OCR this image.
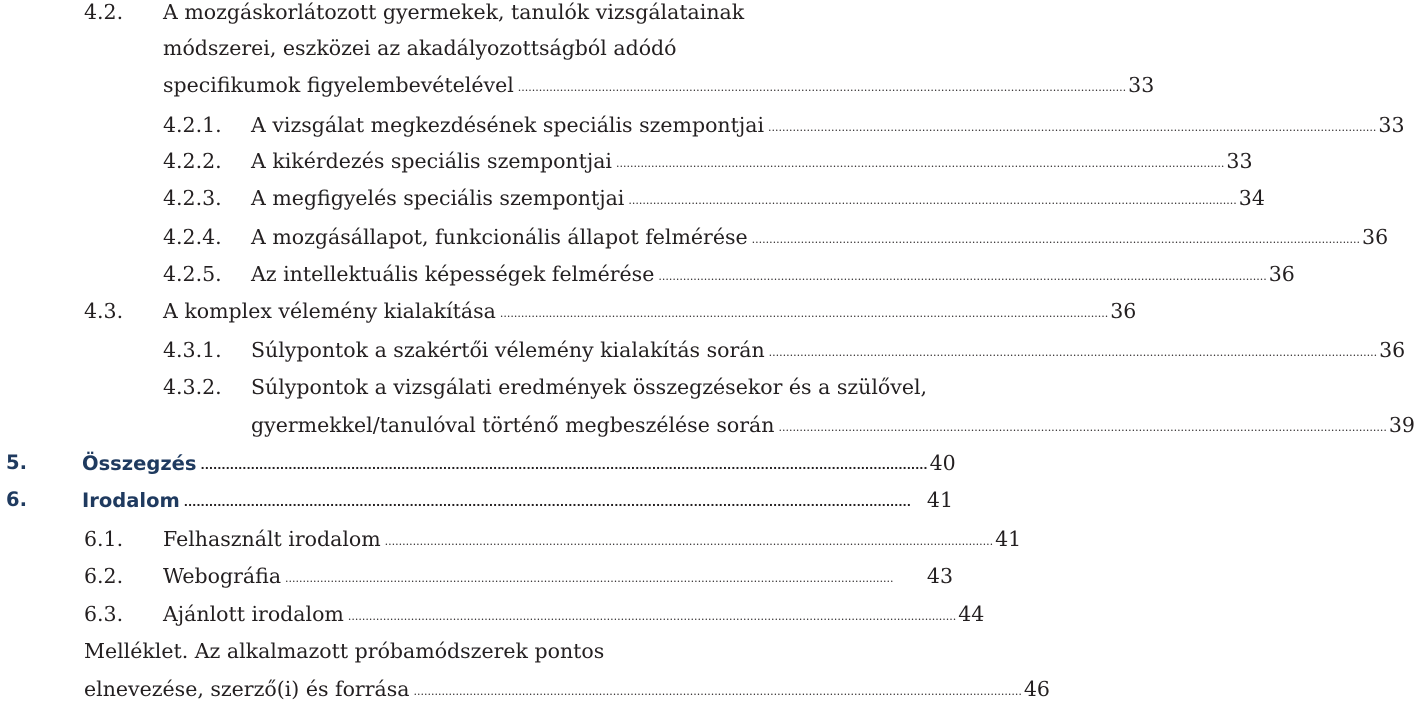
4.2. A mozgáskorlátozott gyermekek, tanulók vizsgálatainak
módszerei, eszközei az akadályozottságból adódó
specifikumok figyelembevételével .............................................................................................................................................................................. 33
4.2.1. A vizsgálat megkezdésének speciális szempontjai .............................................................................................................................................................................. 33
4.2.2. A kikérdezés speciális szempontjai .............................................................................................................................................................................. 33
4.2.3. A megfigyelés speciális szempontjai .............................................................................................................................................................................. 34
4.2.4. A mozgásállapot, funkcionális állapot felmérése .............................................................................................................................................................................. 36
4.2.5. Az intellektuális képességek felmérése .............................................................................................................................................................................. 36
4.3. A komplex vélemény kialakítása .............................................................................................................................................................................. 36
4.3.1. Súlypontok a szakértői vélemény kialakítás során .............................................................................................................................................................................. 36
4.3.2. Súlypontok a vizsgálati eredmények összegzésekor és a szülővel,
gyermekkel/tanulóval történő megbeszélése során .............................................................................................................................................................................. 39
5.	Összegzés .............................................................................................................................................................................. 40
6.	Irodalom .............................................................................................................................................................................. 41
6.1. Felhasznált irodalom .............................................................................................................................................................................. 41
6.2. Webográfia ..............................................................................................................................................................................	43
6.3. Ajánlott irodalom .............................................................................................................................................................................. 44
Melléklet. Az alkalmazott próbamódszerek pontos
elnevezése, szerző(i) és forrása .............................................................................................................................................................................. 46
